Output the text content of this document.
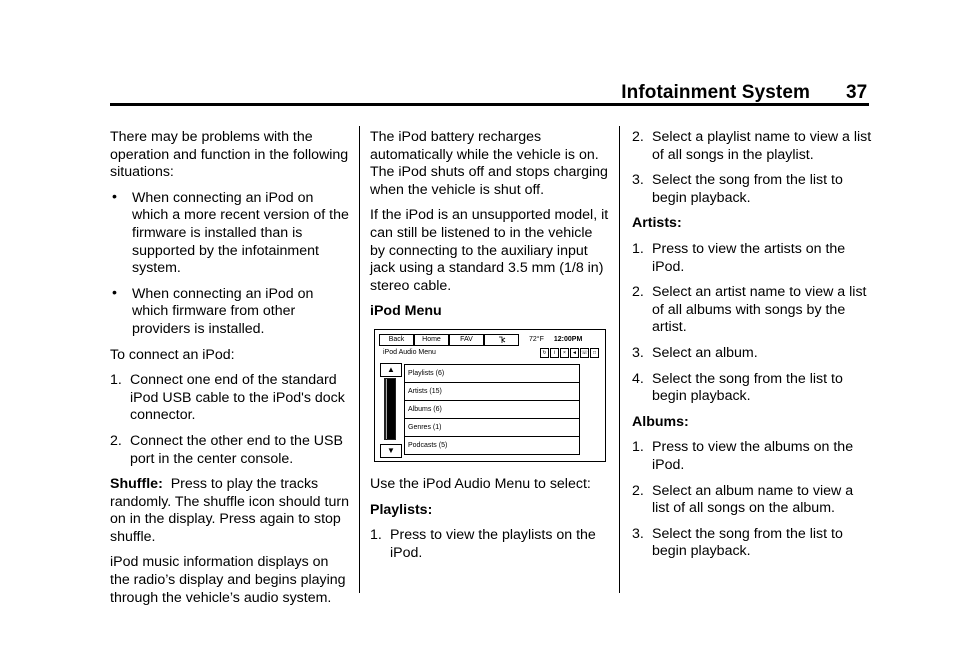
Infotainment System 37

There may be problems with the operation and function in the following situations:

• When connecting an iPod on which a more recent version of the firmware is installed than is supported by the infotainment system.
• When connecting an iPod on which firmware from other providers is installed.

To connect an iPod:

1. Connect one end of the standard iPod USB cable to the iPod's dock connector.
2. Connect the other end to the USB port in the center console.

Shuffle: Press to play the tracks randomly. The shuffle icon should turn on in the display. Press again to stop shuffle.

iPod music information displays on the radio’s display and begins playing through the vehicle’s audio system.

The iPod battery recharges automatically while the vehicle is on. The iPod shuts off and stops charging when the vehicle is shut off.

If the iPod is an unsupported model, it can still be listened to in the vehicle by connecting to the auxiliary input jack using a standard 3.5 mm (1/8 in) stereo cable.

iPod Menu

Back	Home	FAV	72°F 12:00PM
iPod Audio Menu	↻	i	×	◄ ☏	□
▲
▼
Playlists (6)
Artists (15)
Albums (6)
Genres (1)
Podcasts (5)

Use the iPod Audio Menu to select:

Playlists:

1. Press to view the playlists on the iPod.
2. Select a playlist name to view a list of all songs in the playlist.
3. Select the song from the list to begin playback.

Artists:

1. Press to view the artists on the iPod.
2. Select an artist name to view a list of all albums with songs by the artist.
3. Select an album.
4. Select the song from the list to begin playback.

Albums:

1. Press to view the albums on the iPod.
2. Select an album name to view a list of all songs on the album.
3. Select the song from the list to begin playback.
